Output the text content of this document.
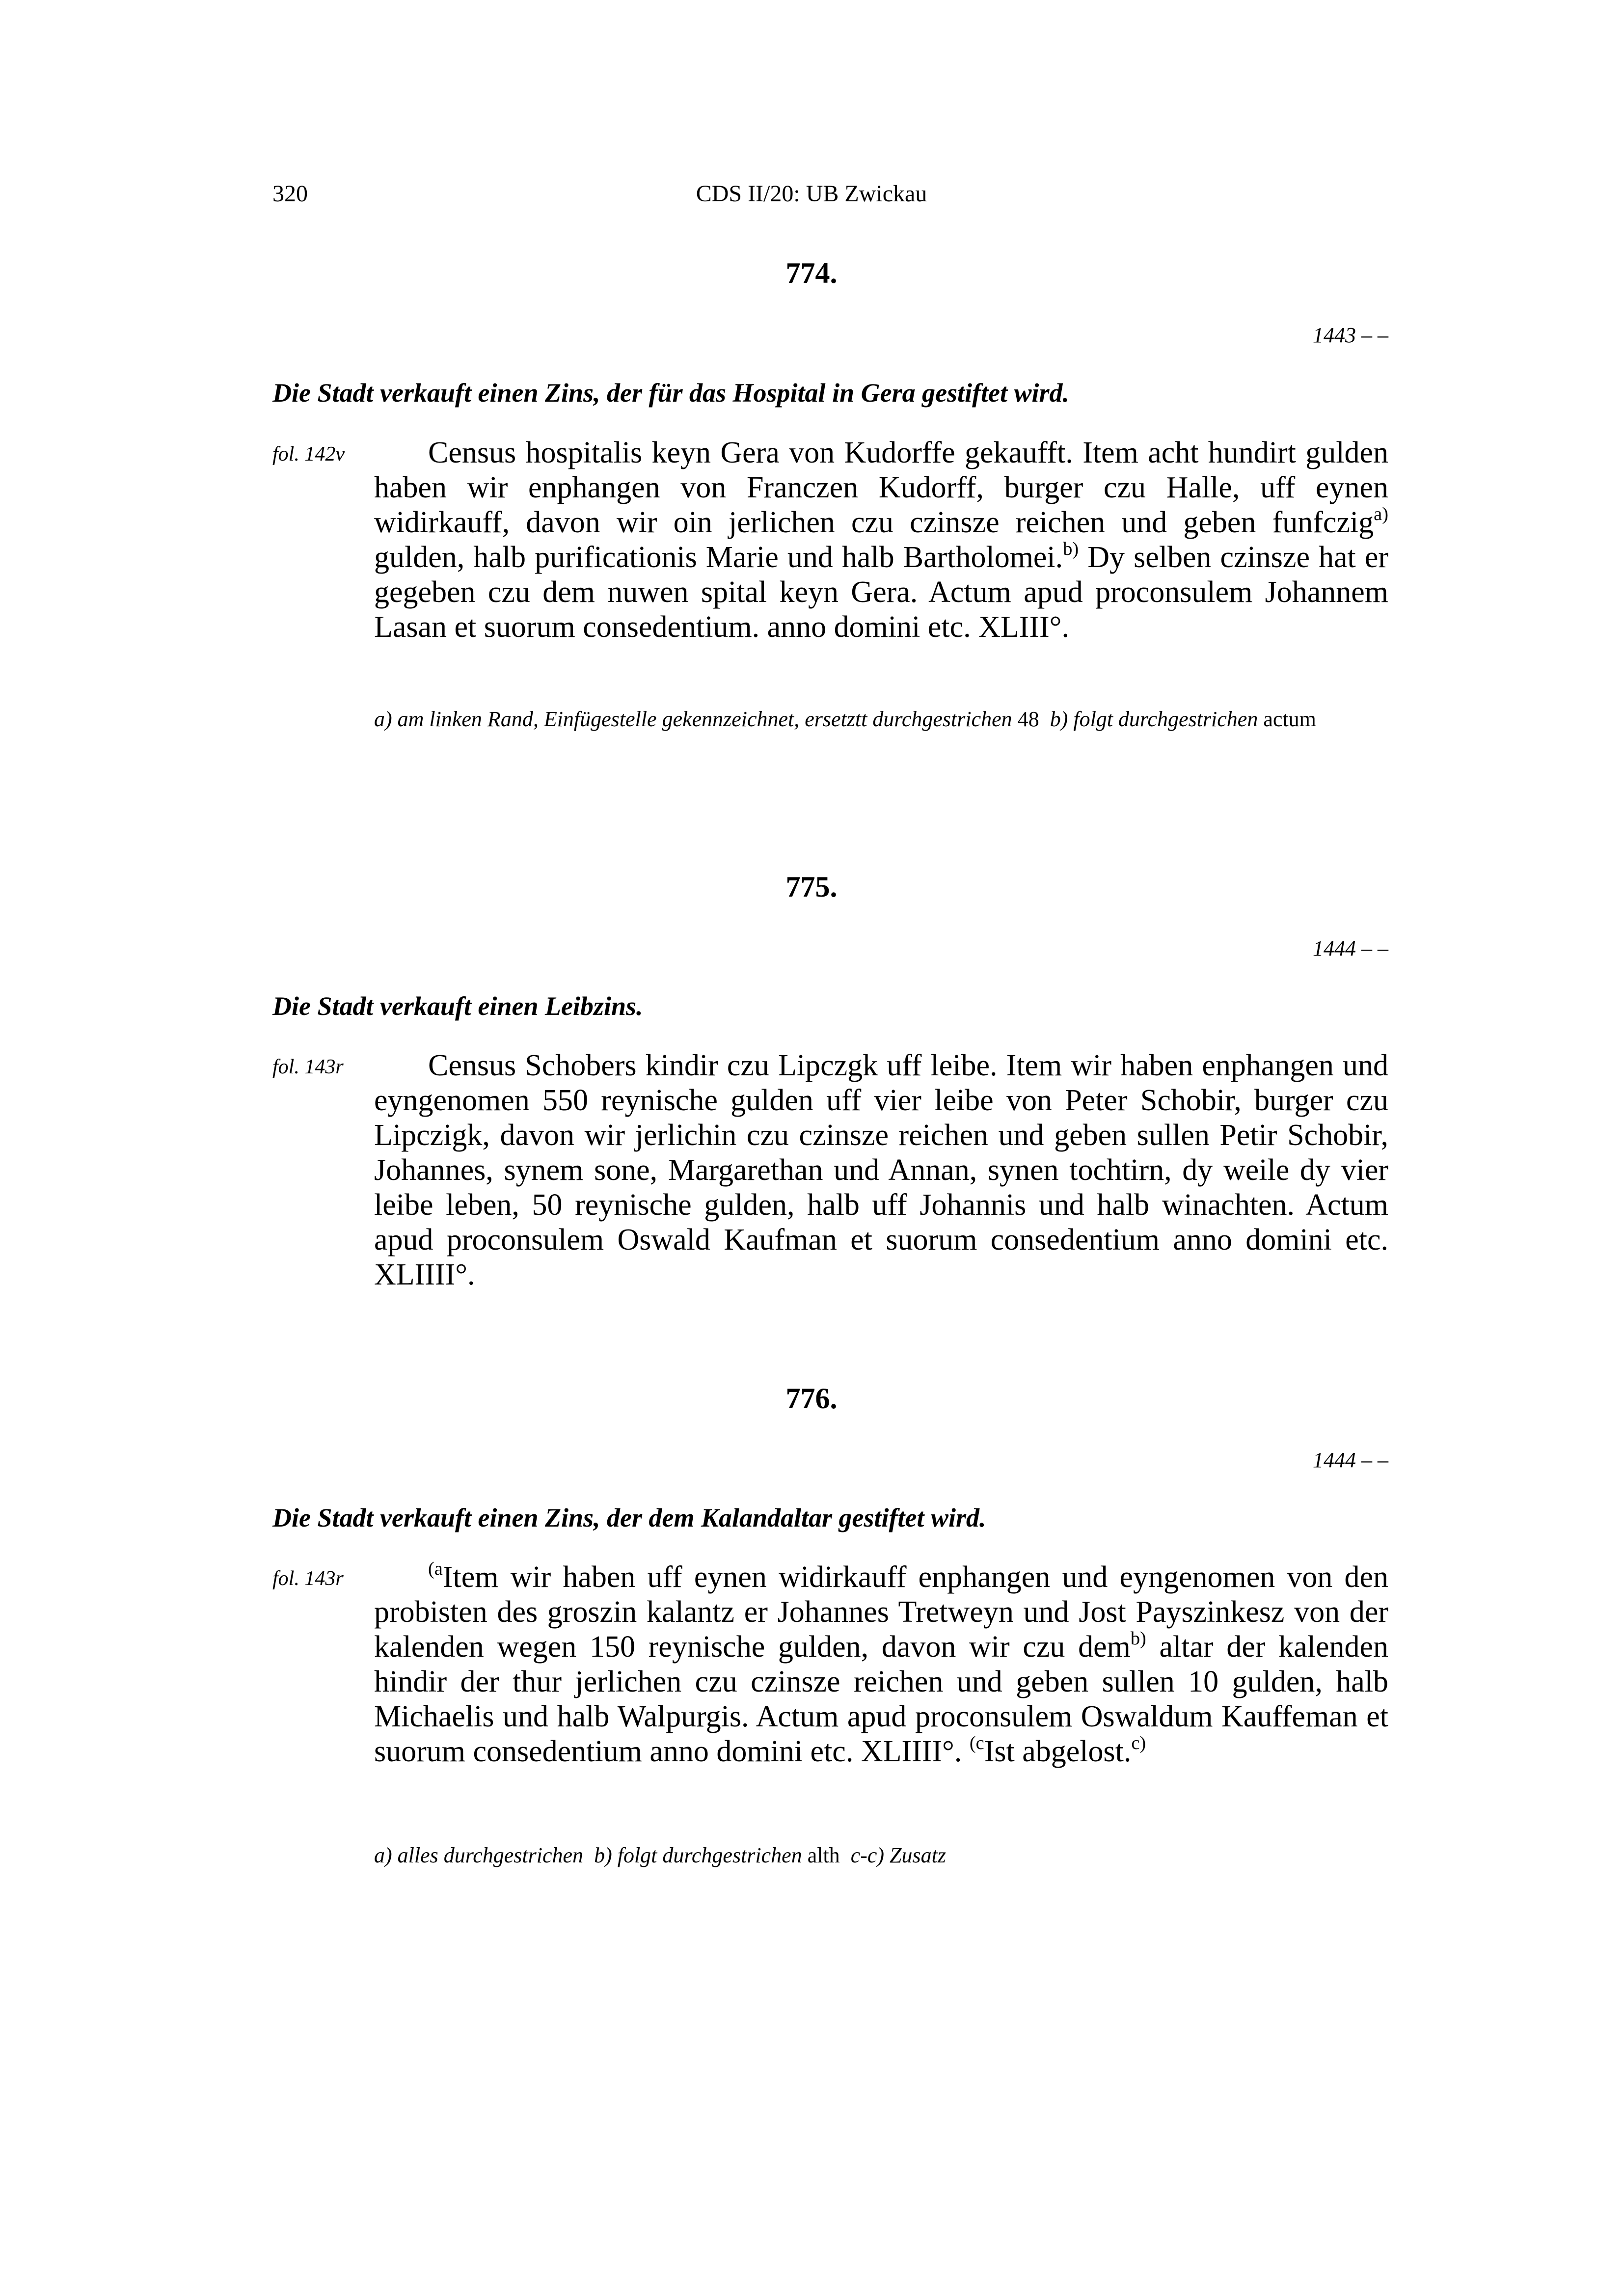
320	CDS II/20: UB Zwickau
774.
1443 – –
Die Stadt verkauft einen Zins, der für das Hospital in Gera gestiftet wird.
fol. 142v	Census hospitalis keyn Gera von Kudorffe gekaufft. Item acht hundirt gulden haben wir enphangen von Franczen Kudorff, burger czu Halle, uff eynen widirkauff, davon wir oin jerlichen czu czinsze reichen und geben funfczig$^{a)}$ gulden, halb purificationis Marie und halb Bartholomei.$^{b)}$ Dy selben czinsze hat er gegeben czu dem nuwen spital keyn Gera. Actum apud proconsulem Johannem Lasan et suorum consedentium. anno domini etc. XLIII°.
a) am linken Rand, Einfügestelle gekennzeichnet, ersetztt durchgestrichen 48 b) folgt durchgestrichen actum
775.
1444 – –
Die Stadt verkauft einen Leibzins.
fol. 143r	Census Schobers kindir czu Lipczgk uff leibe. Item wir haben enphangen und eyngenomen 550 reynische gulden uff vier leibe von Peter Schobir, burger czu Lipczigk, davon wir jerlichin czu czinsze reichen und geben sullen Petir Schobir, Johannes, synem sone, Margarethan und Annan, synen tochtirn, dy weile dy vier leibe leben, 50 reynische gulden, halb uff Johannis und halb winachten. Actum apud proconsulem Oswald Kaufman et suorum consedentium anno domini etc. XLIIII°.
776.
1444 – –
Die Stadt verkauft einen Zins, der dem Kalandaltar gestiftet wird.
fol. 143r	$^{(a}$Item wir haben uff eynen widirkauff enphangen und eyngenomen von den probisten des groszin kalantz er Johannes Tretweyn und Jost Payszinkesz von der kalenden wegen 150 reynische gulden, davon wir czu dem$^{b)}$ altar der kalenden hindir der thur jerlichen czu czinsze reichen und geben sullen 10 gulden, halb Michaelis und halb Walpurgis. Actum apud proconsulem Oswaldum Kauffeman et suorum consedentium anno domini etc. XLIIII°. $^{(c}$Ist abgelost.$^{c)}$
a) alles durchgestrichen b) folgt durchgestrichen alth c-c) Zusatz
